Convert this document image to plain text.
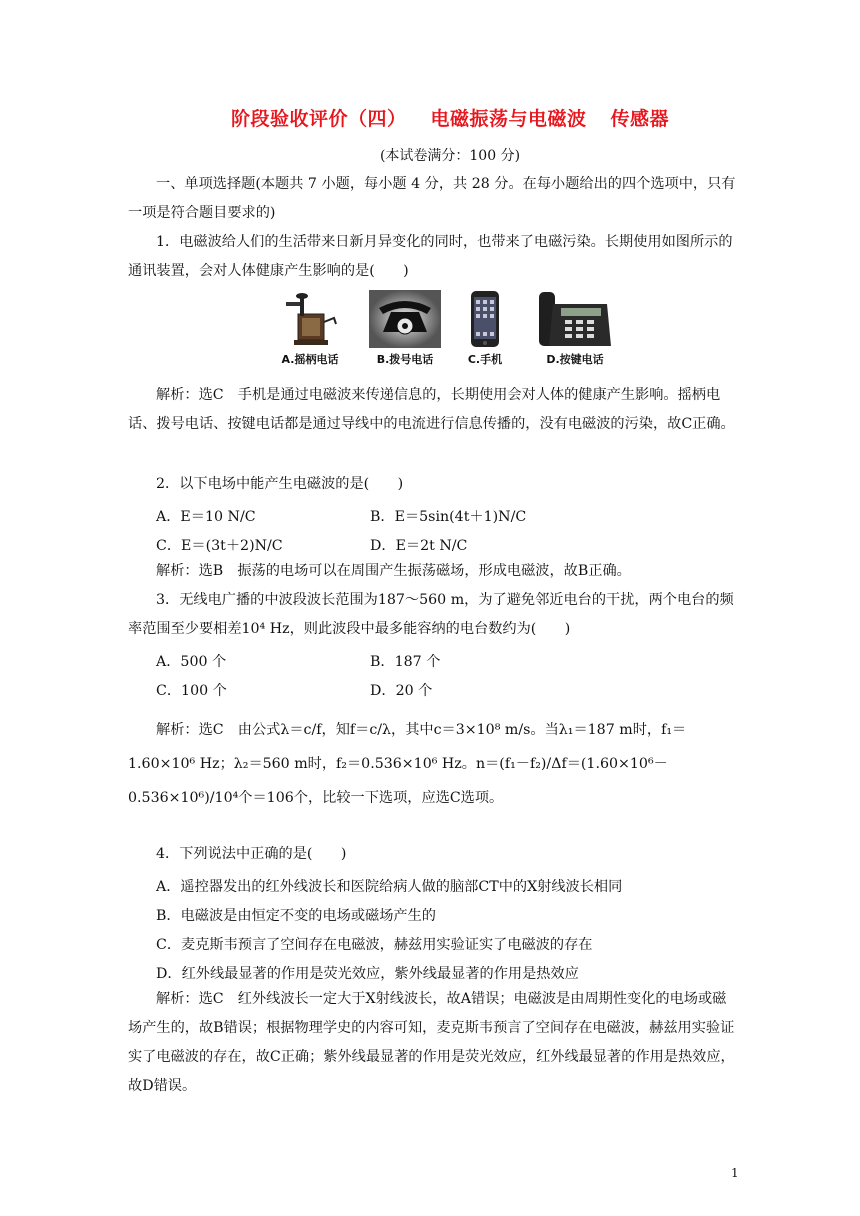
阶段验收评价（四） 电磁振荡与电磁波 传感器
(本试卷满分：100 分)

一、单项选择题(本题共 7 小题，每小题 4 分，共 28 分。在每小题给出的四个选项中，只有一项是符合题目要求的)

1．电磁波给人们的生活带来日新月异变化的同时，也带来了电磁污染。长期使用如图所示的通讯装置，会对人体健康产生影响的是(　　)

A.摇柄电话	B.拨号电话	C.手机	D.按键电话

解析：选C　手机是通过电磁波来传递信息的，长期使用会对人体的健康产生影响。摇柄电话、拨号电话、按键电话都是通过导线中的电流进行信息传播的，没有电磁波的污染，故C正确。

2．以下电场中能产生电磁波的是(　　)

A．E＝10 N/C	B．E＝5sin(4t＋1)N/C
C．E＝(3t＋2)N/C	D．E＝2t N/C

解析：选B　振荡的电场可以在周围产生振荡磁场，形成电磁波，故B正确。

3．无线电广播的中波段波长范围为187～560 m，为了避免邻近电台的干扰，两个电台的频率范围至少要相差10⁴ Hz，则此波段中最多能容纳的电台数约为(　　)

A．500 个	B．187 个
C．100 个	D．20 个

解析：选C　由公式λ＝c/f，知f＝c/λ，其中c＝3×10⁸ m/s。当λ₁＝187 m时，f₁＝1.60×10⁶ Hz；λ₂＝560 m时，f₂＝0.536×10⁶ Hz。n＝(f₁－f₂)/Δf＝(1.60×10⁶－0.536×10⁶)/10⁴个＝106个，比较一下选项，应选C选项。

4．下列说法中正确的是(　　)

A．遥控器发出的红外线波长和医院给病人做的脑部CT中的X射线波长相同
B．电磁波是由恒定不变的电场或磁场产生的
C．麦克斯韦预言了空间存在电磁波，赫兹用实验证实了电磁波的存在
D．红外线最显著的作用是荧光效应，紫外线最显著的作用是热效应

解析：选C　红外线波长一定大于X射线波长，故A错误；电磁波是由周期性变化的电场或磁场产生的，故B错误；根据物理学史的内容可知，麦克斯韦预言了空间存在电磁波，赫兹用实验证实了电磁波的存在，故C正确；紫外线最显著的作用是荧光效应，红外线最显著的作用是热效应，故D错误。

1
